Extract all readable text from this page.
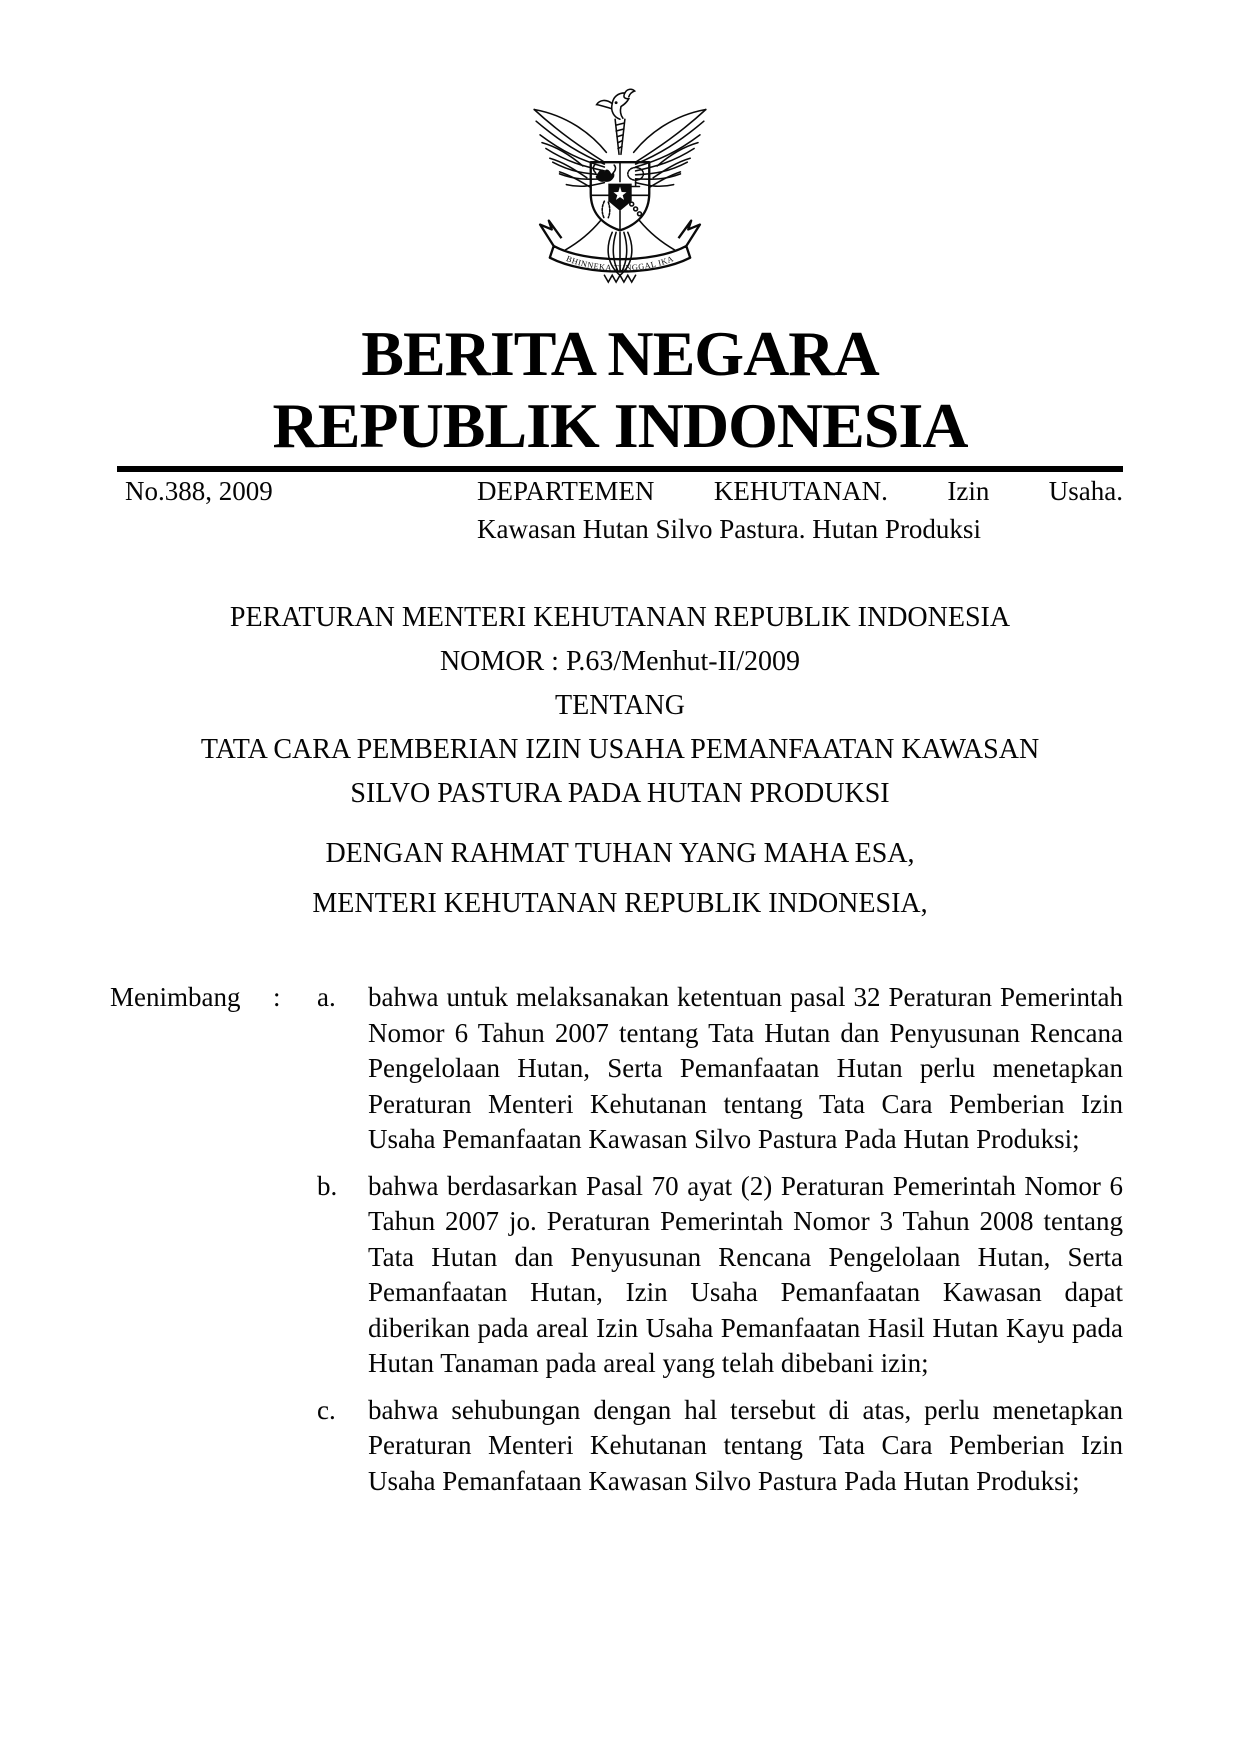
BHINNEKA TUNGGAL IKA
BERITA NEGARA
REPUBLIK INDONESIA
No.388, 2009	DEPARTEMEN KEHUTANAN. Izin Usaha.
Kawasan Hutan Silvo Pastura. Hutan Produksi
PERATURAN MENTERI KEHUTANAN REPUBLIK INDONESIA
NOMOR : P.63/Menhut-II/2009
TENTANG
TATA CARA PEMBERIAN IZIN USAHA PEMANFAATAN KAWASAN
SILVO PASTURA PADA HUTAN PRODUKSI
DENGAN RAHMAT TUHAN YANG MAHA ESA,
MENTERI KEHUTANAN REPUBLIK INDONESIA,
Menimbang	:	a.	bahwa untuk melaksanakan ketentuan pasal 32 Peraturan Pemerintah Nomor 6 Tahun 2007 tentang Tata Hutan dan Penyusunan Rencana Pengelolaan Hutan, Serta Pemanfaatan Hutan perlu menetapkan Peraturan Menteri Kehutanan tentang Tata Cara Pemberian Izin Usaha Pemanfaatan Kawasan Silvo Pastura Pada Hutan Produksi;
b.	bahwa berdasarkan Pasal 70 ayat (2) Peraturan Pemerintah Nomor 6 Tahun 2007 jo. Peraturan Pemerintah Nomor 3 Tahun 2008 tentang Tata Hutan dan Penyusunan Rencana Pengelolaan Hutan, Serta Pemanfaatan Hutan, Izin Usaha Pemanfaatan Kawasan dapat diberikan pada areal Izin Usaha Pemanfaatan Hasil Hutan Kayu pada Hutan Tanaman pada areal yang telah dibebani izin;
c.	bahwa sehubungan dengan hal tersebut di atas, perlu menetapkan Peraturan Menteri Kehutanan tentang Tata Cara Pemberian Izin Usaha Pemanfataan Kawasan Silvo Pastura Pada Hutan Produksi;
